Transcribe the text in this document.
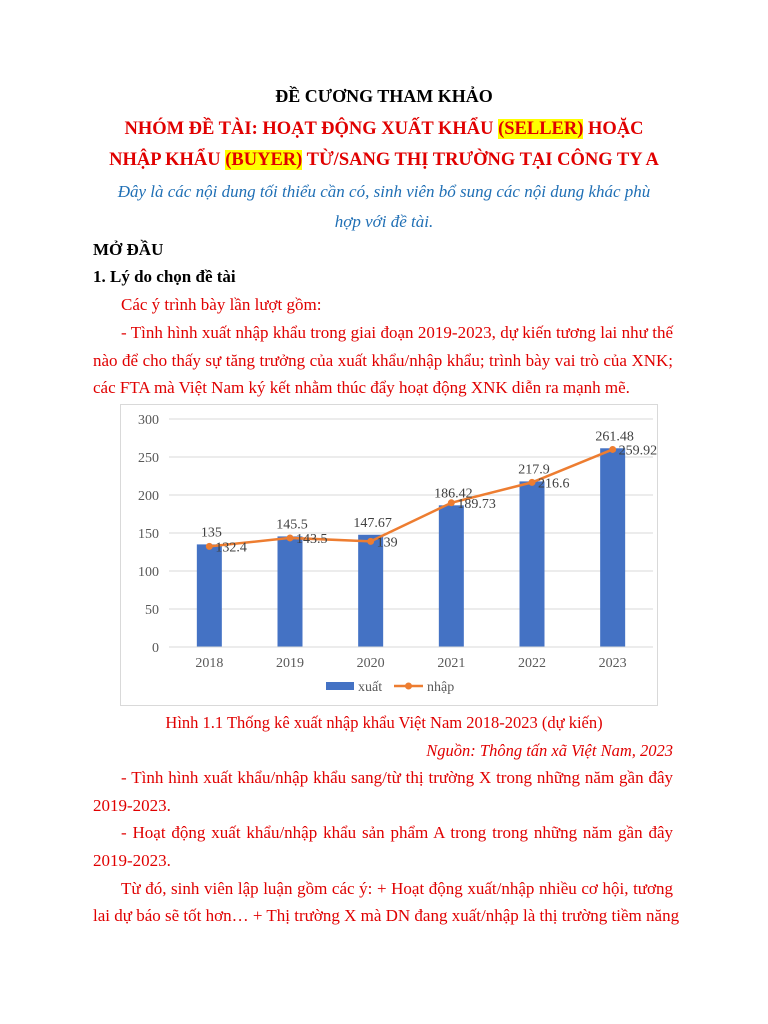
ĐỀ CƯƠNG THAM KHẢO
NHÓM ĐỀ TÀI: HOẠT ĐỘNG XUẤT KHẨU (SELLER) HOẶC
NHẬP KHẨU (BUYER) TỪ/SANG THỊ TRƯỜNG TẠI CÔNG TY A
Đây là các nội dung tối thiểu cần có, sinh viên bổ sung các nội dung khác phù
hợp với đề tài.
MỞ ĐẦU
1. Lý do chọn đề tài
Các ý trình bày lần lượt gồm:
- Tình hình xuất nhập khẩu trong giai đoạn 2019-2023, dự kiến tương lai như thế
nào để cho thấy sự tăng trưởng của xuất khẩu/nhập khẩu; trình bày vai trò của XNK;
các FTA mà Việt Nam ký kết nhằm thúc đẩy hoạt động XNK diễn ra mạnh mẽ.
0
50
100
150
200
250
300
135
145.5	147.67
186.42
217.9
261.48
132.4
143.5	139
189.73
216.6
259.92
2018	2019	2020	2021	2022	2023
xuất	nhập
Hình 1.1 Thống kê xuất nhập khẩu Việt Nam 2018-2023 (dự kiến)
Nguồn: Thông tấn xã Việt Nam, 2023
- Tình hình xuất khẩu/nhập khẩu sang/từ thị trường X trong những năm gần đây
2019-2023.
- Hoạt động xuất khẩu/nhập khẩu sản phẩm A trong trong những năm gần đây
2019-2023.
Từ đó, sinh viên lập luận gồm các ý: + Hoạt động xuất/nhập nhiều cơ hội, tương
lai dự báo sẽ tốt hơn… + Thị trường X mà DN đang xuất/nhập là thị trường tiềm năng
